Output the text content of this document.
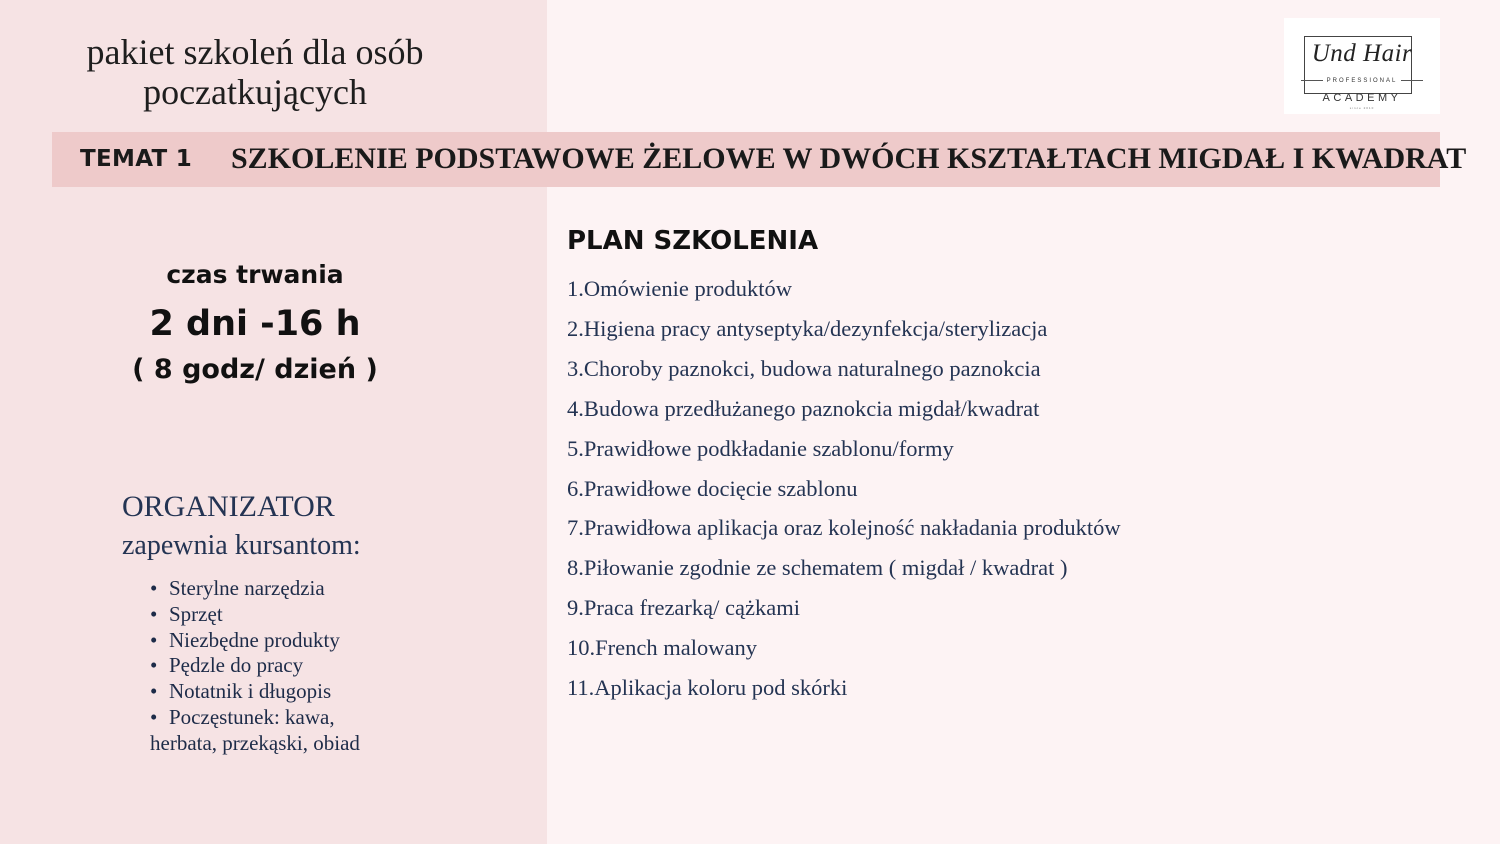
pakiet szkoleń dla osób
poczatkujących
Und Hair
PROFESSIONAL
ACADEMY
since 2010
TEMAT 1 SZKOLENIE PODSTAWOWE ŻELOWE W DWÓCH KSZTAŁTACH MIGDAŁ I KWADRAT
czas trwania
2 dni -16 h
( 8 godz/ dzień )
ORGANIZATOR
zapewnia kursantom:
• Sterylne narzędzia
• Sprzęt
• Niezbędne produkty
• Pędzle do pracy
• Notatnik i długopis
• Poczęstunek: kawa,
herbata, przekąski, obiad
PLAN SZKOLENIA
1.Omówienie produktów
2.Higiena pracy antyseptyka/dezynfekcja/sterylizacja
3.Choroby paznokci, budowa naturalnego paznokcia
4.Budowa przedłużanego paznokcia migdał/kwadrat
5.Prawidłowe podkładanie szablonu/formy
6.Prawidłowe docięcie szablonu
7.Prawidłowa aplikacja oraz kolejność nakładania produktów
8.Piłowanie zgodnie ze schematem ( migdał / kwadrat )
9.Praca frezarką/ cążkami
10.French malowany
11.Aplikacja koloru pod skórki
